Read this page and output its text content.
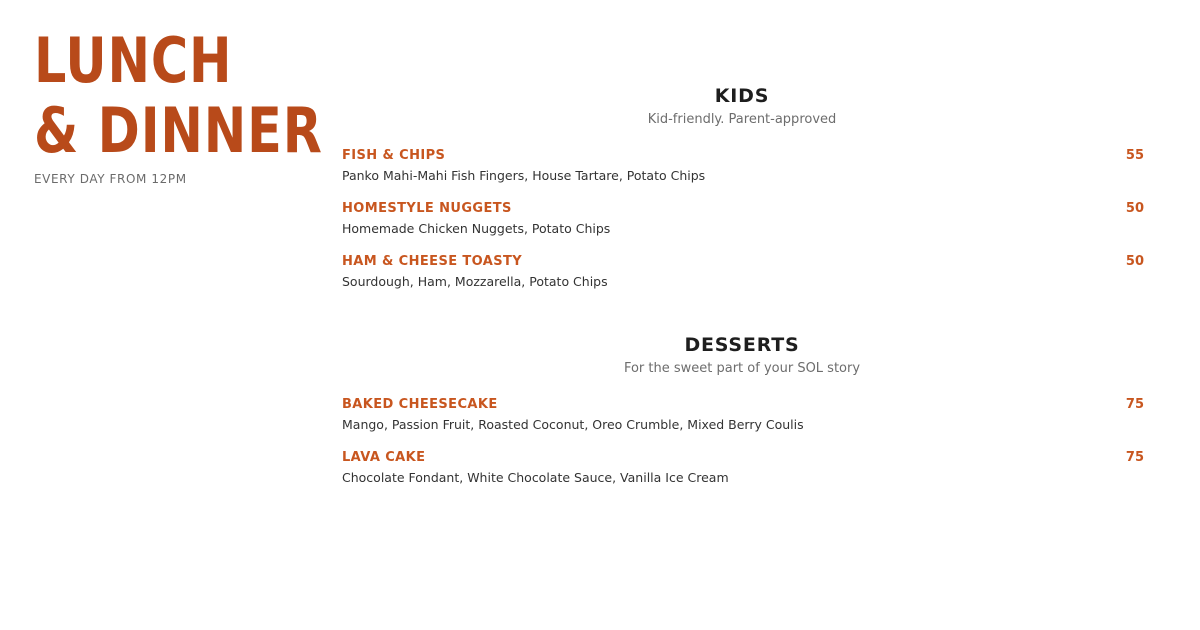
LUNCH
& DINNER
EVERY DAY FROM 12PM
KIDS
Kid-friendly. Parent-approved
FISH & CHIPS	55
Panko Mahi-Mahi Fish Fingers, House Tartare, Potato Chips
HOMESTYLE NUGGETS	50
Homemade Chicken Nuggets, Potato Chips
HAM & CHEESE TOASTY	50
Sourdough, Ham, Mozzarella, Potato Chips
DESSERTS
For the sweet part of your SOL story
BAKED CHEESECAKE	75
Mango, Passion Fruit, Roasted Coconut, Oreo Crumble, Mixed Berry Coulis
LAVA CAKE	75
Chocolate Fondant, White Chocolate Sauce, Vanilla Ice Cream
